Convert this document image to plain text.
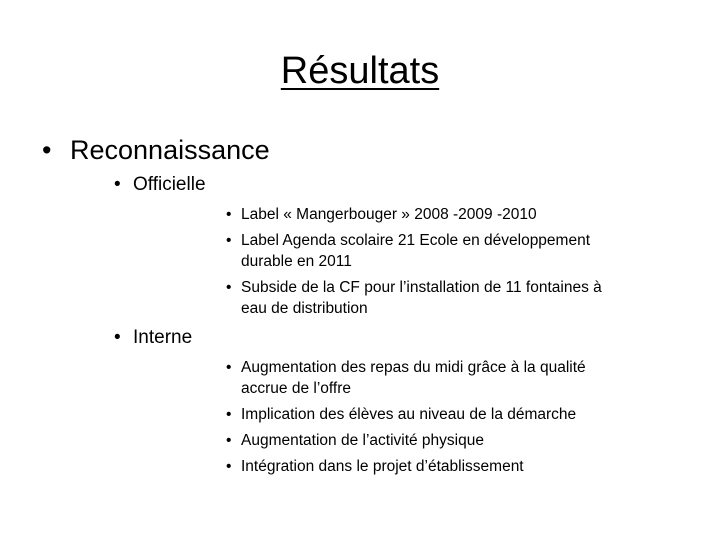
Résultats
• Reconnaissance
• Officielle
• Label « Mangerbouger » 2008 -2009 -2010
• Label Agenda scolaire 21 Ecole en développement
durable en 2011
• Subside de la CF pour l’installation de 11 fontaines à
eau de distribution
• Interne
• Augmentation des repas du midi grâce à la qualité
accrue de l’offre
• Implication des élèves au niveau de la démarche
• Augmentation de l’activité physique
• Intégration dans le projet d’établissement
